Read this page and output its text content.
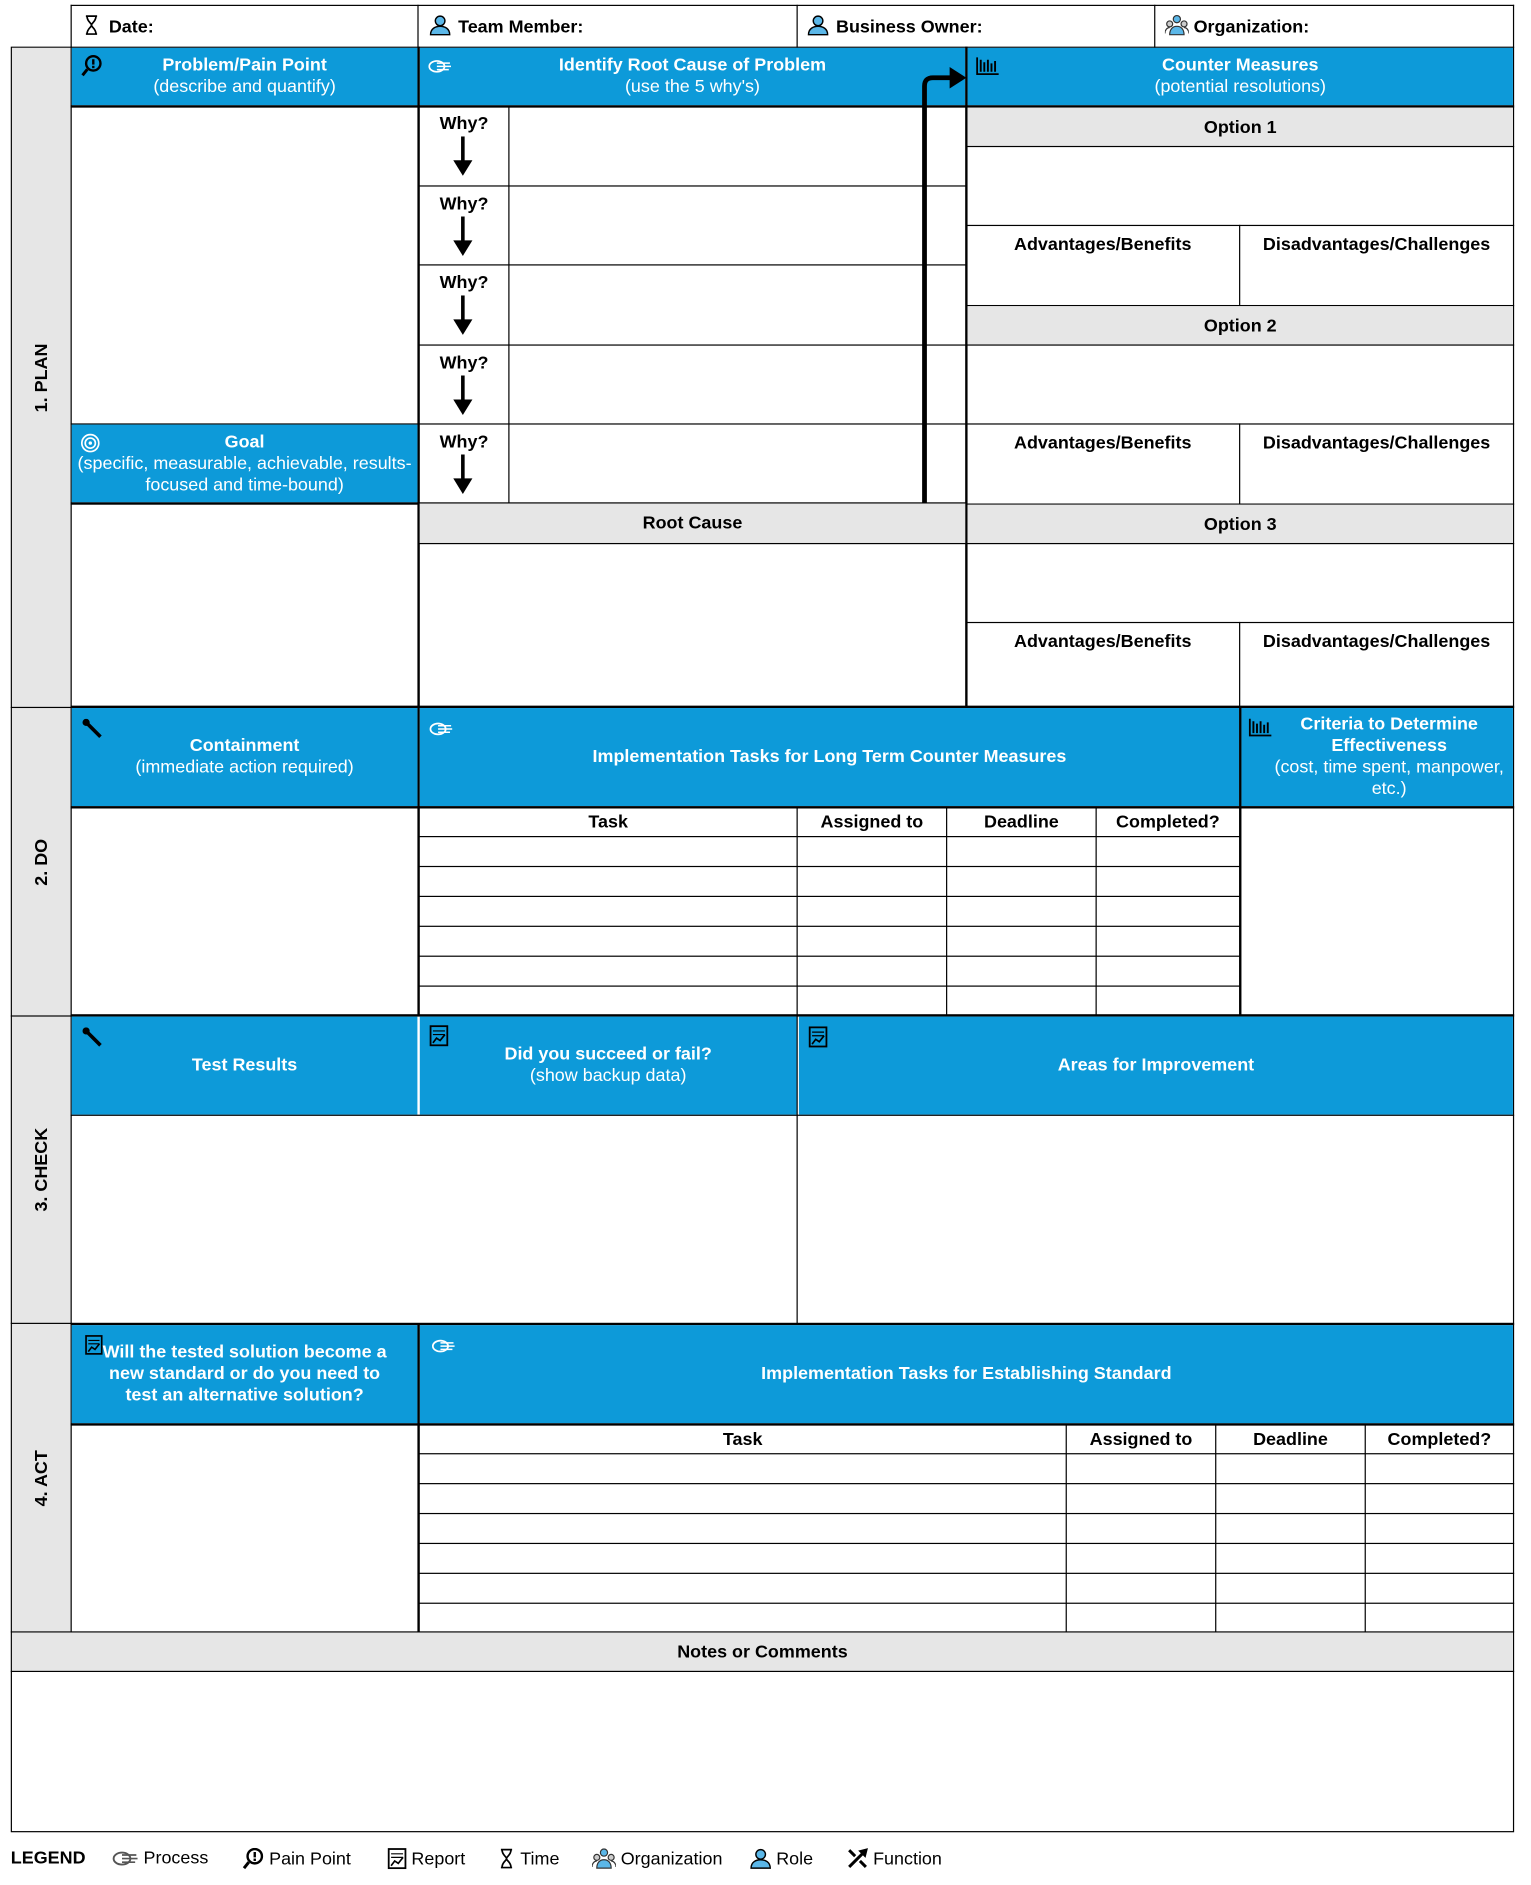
Date:	Team Member:	Business Owner:	Organization:
1. PLAN
2. DO
3. CHECK
4. ACT
Problem/Pain Point
(describe and quantify)
Identify Root Cause of Problem
(use the 5 why's)
Counter Measures
(potential resolutions)
Why?
Why?
Why?
Why?
Why?
Goal
(specific, measurable, achievable, results-focused and time-bound)
Root Cause
Option 1
Advantages/Benefits	Disadvantages/Challenges
Option 2
Advantages/Benefits	Disadvantages/Challenges
Option 3
Advantages/Benefits	Disadvantages/Challenges
Containment
(immediate action required)
Implementation Tasks for Long Term Counter Measures
Criteria to Determine Effectiveness
(cost, time spent, manpower, etc.)
Task	Assigned to	Deadline	Completed?
Test Results
Did you succeed or fail?
(show backup data)
Areas for Improvement
Will the tested solution become a new standard or do you need to test an alternative solution?
Implementation Tasks for Establishing Standard
Task	Assigned to	Deadline	Completed?
Notes or Comments
LEGEND	Process	Pain Point	Report	Time	Organization	Role	Function
